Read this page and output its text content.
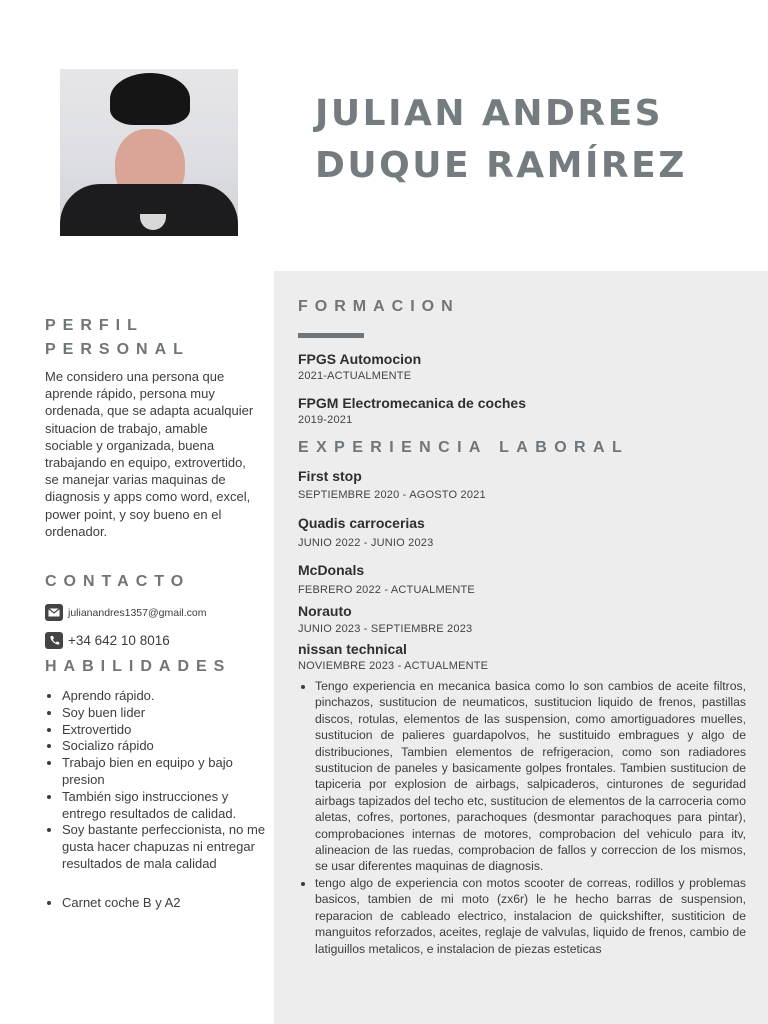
JULIAN ANDRES
DUQUE RAMÍREZ
PERFIL
PERSONAL
Me considero una persona que aprende rápido, persona muy ordenada, que se adapta acualquier situacion de trabajo, amable sociable y organizada, buena trabajando en equipo, extrovertido, se manejar varias maquinas de diagnosis y apps como word, excel, power point, y soy bueno en el ordenador.
CONTACTO
julianandres1357@gmail.com
+34 642 10 8016
HABILIDADES
• Aprendo rápido.
• Soy buen lider
• Extrovertido
• Socializo rápido
• Trabajo bien en equipo y bajo presion
• También sigo instrucciones y entrego resultados de calidad.
• Soy bastante perfeccionista, no me gusta hacer chapuzas ni entregar resultados de mala calidad
• Carnet coche B y A2
FORMACION
FPGS Automocion
2021-ACTUALMENTE
FPGM Electromecanica de coches
2019-2021
EXPERIENCIA LABORAL
First stop
SEPTIEMBRE 2020 - AGOSTO 2021
Quadis carrocerias
JUNIO 2022 - JUNIO 2023
McDonals
FEBRERO 2022 - ACTUALMENTE
Norauto
JUNIO 2023 - SEPTIEMBRE 2023
nissan technical
NOVIEMBRE 2023 - ACTUALMENTE
• Tengo experiencia en mecanica basica como lo son cambios de aceite filtros, pinchazos, sustitucion de neumaticos, sustitucion liquido de frenos, pastillas discos, rotulas, elementos de las suspension, como amortiguadores muelles, sustitucion de palieres guardapolvos, he sustituido embragues y algo de distribuciones, Tambien elementos de refrigeracion, como son radiadores sustitucion de paneles y basicamente golpes frontales. Tambien sustitucion de tapiceria por explosion de airbags, salpicaderos, cinturones de seguridad airbags tapizados del techo etc, sustitucion de elementos de la carroceria como aletas, cofres, portones, parachoques (desmontar parachoques para pintar), comprobaciones internas de motores, comprobacion del vehiculo para itv, alineacion de las ruedas, comprobacion de fallos y correccion de los mismos, se usar diferentes maquinas de diagnosis.
• tengo algo de experiencia con motos scooter de correas, rodillos y problemas basicos, tambien de mi moto (zx6r) le he hecho barras de suspension, reparacion de cableado electrico, instalacion de quickshifter, sustiticion de manguitos reforzados, aceites, reglaje de valvulas, liquido de frenos, cambio de latiguillos metalicos, e instalacion de piezas esteticas
